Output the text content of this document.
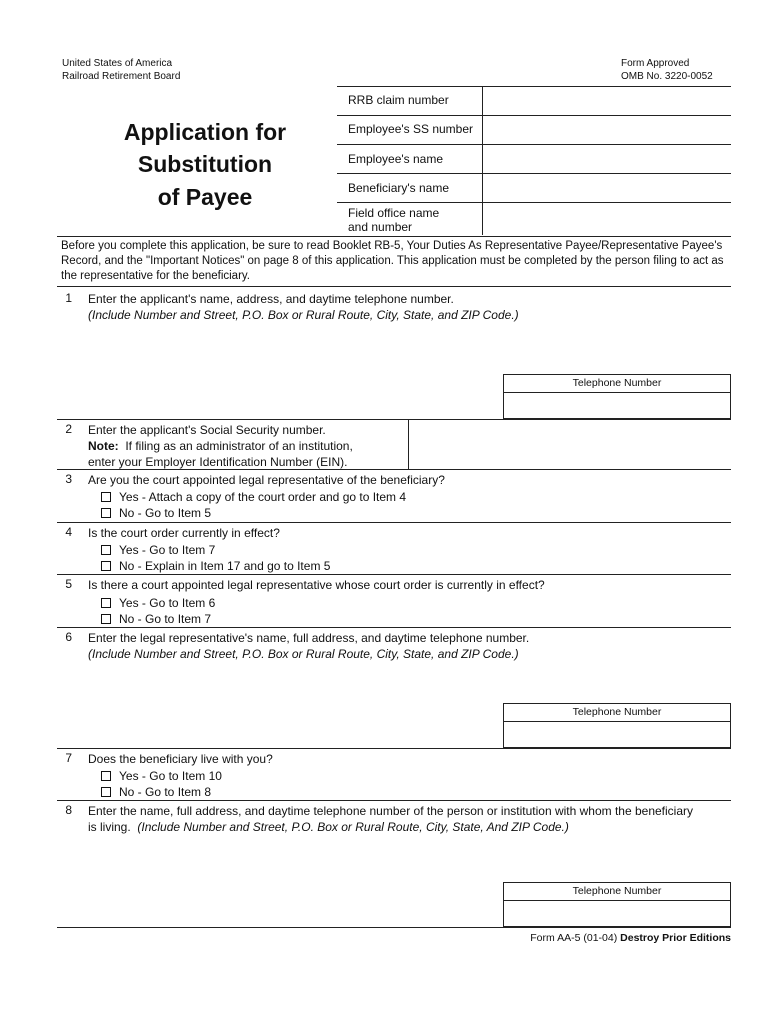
United States of America
Railroad Retirement Board
Form Approved
OMB No. 3220-0052
Application for
Substitution
of Payee
RRB claim number
Employee's SS number
Employee's name
Beneficiary's name
Field office name
and number
Before you complete this application, be sure to read Booklet RB-5, Your Duties As Representative Payee/Representative Payee's Record, and the "Important Notices" on page 8 of this application. This application must be completed by the person filing to act as the representative for the beneficiary.
1 Enter the applicant's name, address, and daytime telephone number.
(Include Number and Street, P.O. Box or Rural Route, City, State, and ZIP Code.)
Telephone Number
2 Enter the applicant's Social Security number.
Note: If filing as an administrator of an institution,
enter your Employer Identification Number (EIN).
3 Are you the court appointed legal representative of the beneficiary?
Yes - Attach a copy of the court order and go to Item 4
No - Go to Item 5
4 Is the court order currently in effect?
Yes - Go to Item 7
No - Explain in Item 17 and go to Item 5
5 Is there a court appointed legal representative whose court order is currently in effect?
Yes - Go to Item 6
No - Go to Item 7
6 Enter the legal representative's name, full address, and daytime telephone number.
(Include Number and Street, P.O. Box or Rural Route, City, State, and ZIP Code.)
Telephone Number
7 Does the beneficiary live with you?
Yes - Go to Item 10
No - Go to Item 8
8 Enter the name, full address, and daytime telephone number of the person or institution with whom the beneficiary
is living. (Include Number and Street, P.O. Box or Rural Route, City, State, And ZIP Code.)
Telephone Number
Form AA-5 (01-04) Destroy Prior Editions
